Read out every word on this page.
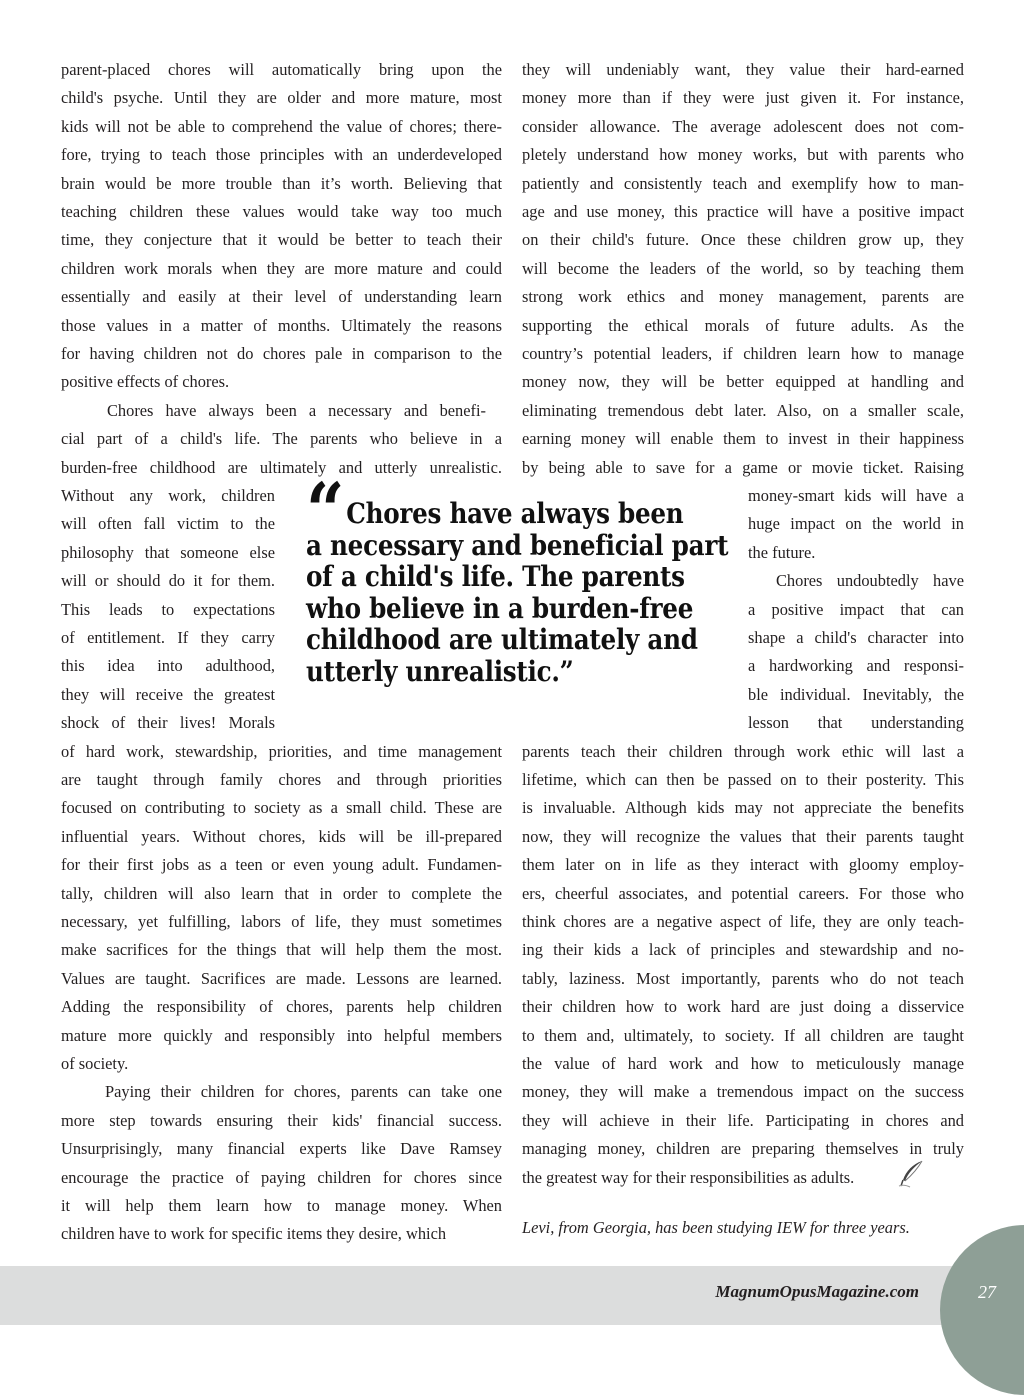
parent-placed chores will automatically bring upon the
child's psyche. Until they are older and more mature, most
kids will not be able to comprehend the value of chores; there-
fore, trying to teach those principles with an underdeveloped
brain would be more trouble than it’s worth. Believing that
teaching children these values would take way too much
time, they conjecture that it would be better to teach their
children work morals when they are more mature and could
essentially and easily at their level of understanding learn
those values in a matter of months. Ultimately the reasons
for having children not do chores pale in comparison to the
positive effects of chores.
Chores have always been a necessary and benefi-
cial part of a child's life. The parents who believe in a
burden-free childhood are ultimately and utterly unrealistic.
Without any work, children
will often fall victim to the
philosophy that someone else
will or should do it for them.
This leads to expectations
of entitlement. If they carry
this idea into adulthood,
they will receive the greatest
shock of their lives! Morals
of hard work, stewardship, priorities, and time management
are taught through family chores and through priorities
focused on contributing to society as a small child. These are
influential years. Without chores, kids will be ill-prepared
for their first jobs as a teen or even young adult. Fundamen-
tally, children will also learn that in order to complete the
necessary, yet fulfilling, labors of life, they must sometimes
make sacrifices for the things that will help them the most.
Values are taught. Sacrifices are made. Lessons are learned.
Adding the responsibility of chores, parents help children
mature more quickly and responsibly into helpful members
of society.
Paying their children for chores, parents can take one
more step towards ensuring their kids' financial success.
Unsurprisingly, many financial experts like Dave Ramsey
encourage the practice of paying children for chores since
it will help them learn how to manage money. When
children have to work for specific items they desire, which
they will undeniably want, they value their hard-earned
money more than if they were just given it. For instance,
consider allowance. The average adolescent does not com-
pletely understand how money works, but with parents who
patiently and consistently teach and exemplify how to man-
age and use money, this practice will have a positive impact
on their child's future. Once these children grow up, they
will become the leaders of the world, so by teaching them
strong work ethics and money management, parents are
supporting the ethical morals of future adults. As the
country’s potential leaders, if children learn how to manage
money now, they will be better equipped at handling and
eliminating tremendous debt later. Also, on a smaller scale,
earning money will enable them to invest in their happiness
by being able to save for a game or movie ticket. Raising
money-smart kids will have a
huge impact on the world in
the future.
Chores undoubtedly have
a positive impact that can
shape a child's character into
a hardworking and responsi-
ble individual. Inevitably, the
lesson that understanding
parents teach their children through work ethic will last a
lifetime, which can then be passed on to their posterity. This
is invaluable. Although kids may not appreciate the benefits
now, they will recognize the values that their parents taught
them later on in life as they interact with gloomy employ-
ers, cheerful associates, and potential careers. For those who
think chores are a negative aspect of life, they are only teach-
ing their kids a lack of principles and stewardship and no-
tably, laziness. Most importantly, parents who do not teach
their children how to work hard are just doing a disservice
to them and, ultimately, to society. If all children are taught
the value of hard work and how to meticulously manage
money, they will make a tremendous impact on the success
they will achieve in their life. Participating in chores and
managing money, children are preparing themselves in truly
the greatest way for their responsibilities as adults.
“ Chores have always been
a necessary and beneficial part
of a child's life. The parents
who believe in a burden-free
childhood are ultimately and
utterly unrealistic.”
Levi, from Georgia, has been studying IEW for three years.
MagnumOpusMagazine.com	27
